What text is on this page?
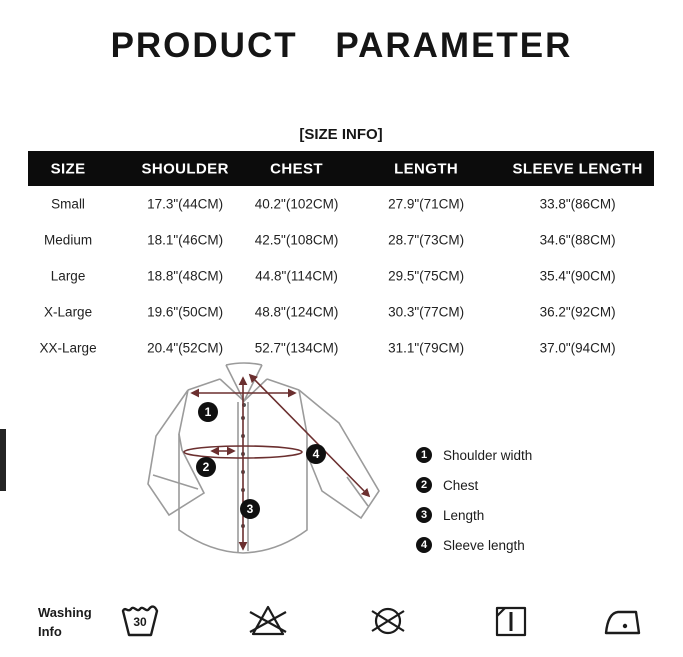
PRODUCT PARAMETER
[SIZE INFO]
SIZE	SHOULDER	CHEST	LENGTH	SLEEVE LENGTH
Small	17.3"(44CM) 40.2"(102CM)	27.9"(71CM)	33.8"(86CM)
Medium	18.1"(46CM) 42.5"(108CM)	28.7"(73CM)	34.6"(88CM)
Large	18.8"(48CM) 44.8"(114CM)	29.5"(75CM)	35.4"(90CM)
X-Large	19.6"(50CM) 48.8"(124CM)	30.3"(77CM)	36.2"(92CM)
XX-Large	20.4"(52CM) 52.7"(134CM)	31.1"(79CM)	37.0"(94CM)
1
2
3
4	1	Shoulder width
2	Chest
3	Length
4	Sleeve length
Washing
Info
30
